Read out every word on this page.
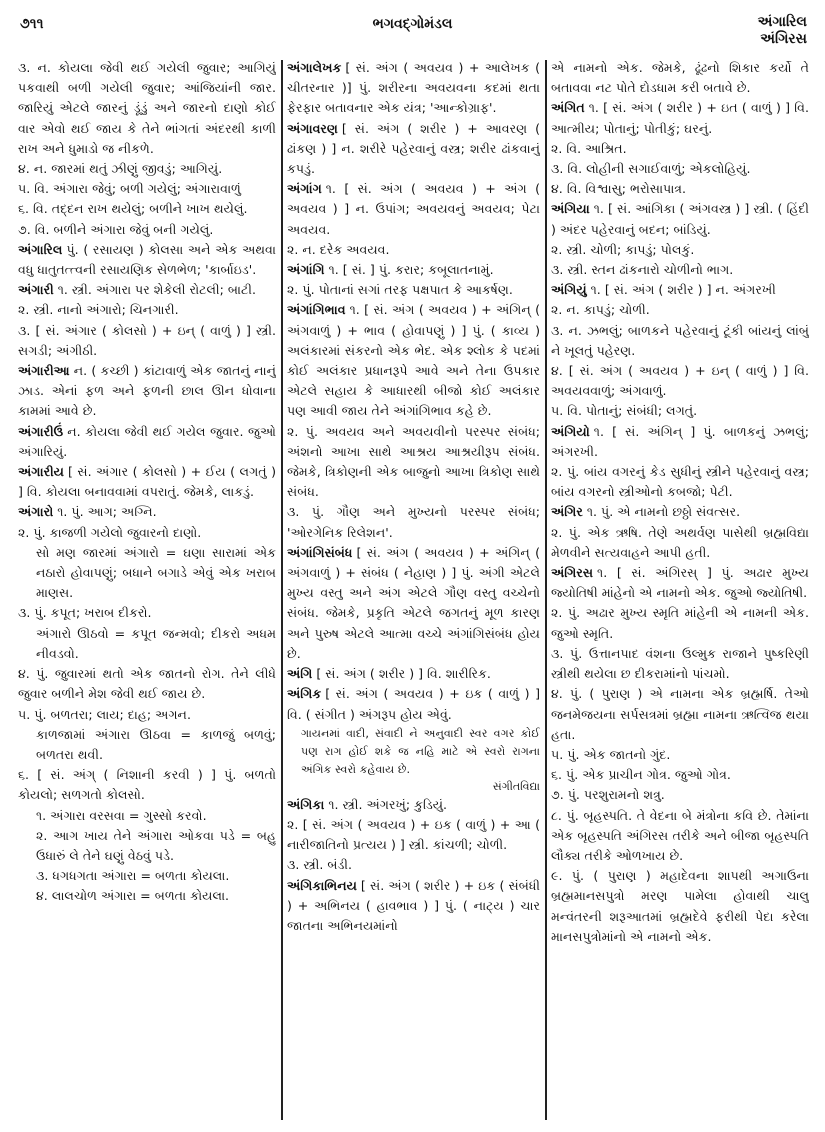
૭૧૧	ભગવદ્ગોમંડલ	અંગારિલ
અંગિરસ

૩. ન. કોયલા જેવી થઈ ગયેલી જુવાર; આગિયું પકવાથી બળી ગયેલી જુવાર; આંજિયાંની જાર. જારિયું એટલે જારનું ડૂંડું અને જારનો દાણો કોઈ વાર એવો થઈ જાય કે તેને ભાંગતાં અંદરથી કાળી રાખ અને ધુમાડો જ નીકળે.

૪. ન. જારમાં થતું ઝીણું જીવડું; આગિયું.

૫. વિ. અંગારા જેવું; બળી ગયેલું; અંગારાવાળું

૬. વિ. તદ્દન રાખ થયેલું; બળીને ખાખ થયેલું.

૭. વિ. બળીને અંગારા જેવું બની ગયેલું.

અંગારિલ પું. ( રસાયણ ) કોલસા અને એક અથવા વધુ ધાતુતત્ત્વની રસાયણિક સેળભેળ; 'કાર્બાઇડ'.

અંગારી ૧. સ્ત્રી. અંગારા પર શેકેલી રોટલી; બાટી.

૨. સ્ત્રી. નાનો અંગારો; ચિનગારી.

૩. [ સં. અંગાર ( કોલસો ) + ઇન્ ( વાળું ) ] સ્ત્રી. સગડી; અંગીઠી.

અંગારીઆ ન. ( કચ્છી ) કાંટાવાળું એક જાતનું નાનું ઝાડ. એનાં ફળ અને ફળની છાલ ઊન ધોવાના કામમાં આવે છે.

અંગારીઉં ન. કોયલા જેવી થઈ ગયેલ જુવાર. જુઓ અંગારિયું.

અંગારીય [ સં. અંગાર ( કોલસો ) + ઈય ( લગતું ) ] વિ. કોયલા બનાવવામાં વપરાતું. જેમકે, લાકડું.

અંગારો ૧. પું. આગ; અગ્નિ.

૨. પું. કાજળી ગયેલો જુવારનો દાણો.

સો મણ જારમાં અંગારો = ઘણા સારામાં એક નઠારો હોવાપણું; બધાને બગાડે એવું એક ખરાબ માણસ.

૩. પું. કપૂત; ખરાબ દીકરો.

અંગારો ઊઠવો = કપૂત જન્મવો; દીકરો અધમ નીવડવો.

૪. પું. જુવારમાં થતો એક જાતનો રોગ. તેને લીધે જુવાર બળીને મેશ જેવી થઈ જાય છે.

૫. પું. બળતરા; લાય; દાહ; અગન.

કાળજામાં અંગારા ઊઠવા = કાળજું બળવું; બળતરા થવી.

૬. [ સં. અંગ્ ( નિશાની કરવી ) ] પું. બળતો કોયલો; સળગતો કોલસો.

૧. અંગારા વરસવા = ગુસ્સો કરવો.

૨. આગ ખાય તેને અંગારા ઓકવા પડે = બહુ ઉધારું લે તેને ઘણું વેઠવું પડે.

૩. ધગધગતા અંગારા = બળતા કોયલા.

૪. લાલચોળ અંગારા = બળતા કોયલા.

અંગાલેખક [ સં. અંગ ( અવયવ ) + આલેખક ( ચીતરનાર )] પું. શરીરના અવયવના કદમાં થતા ફેરફાર બતાવનાર એક યંત્ર; 'આન્કોગ્રાફ'.

અંગાવરણ [ સં. અંગ ( શરીર ) + આવરણ ( ઢાંકણ ) ] ન. શરીરે પહેરવાનું વસ્ત્ર; શરીર ઢાંકવાનું કપડું.

અંગાંગ ૧. [ સં. અંગ ( અવયવ ) + અંગ ( અવયવ ) ] ન. ઉપાંગ; અવયવનું અવયવ; પેટા અવયવ.

૨. ન. દરેક અવયવ.

અંગાંગિ ૧. [ સં. ] પું. કરાર; કબૂલાતનામું.

૨. પું. પોતાનાં સગાં તરફ પક્ષપાત કે આકર્ષણ.

અંગાંગિભાવ ૧. [ સં. અંગ ( અવયવ ) + અંગિન્ ( અંગવાળું ) + ભાવ ( હોવાપણું ) ] પું. ( કાવ્ય ) અલંકારમાં સંકરનો એક ભેદ. એક શ્લોક કે પદમાં કોઈ અલંકાર પ્રધાનરૂપે આવે અને તેના ઉપકાર એટલે સહાય કે આધારથી બીજો કોઈ અલંકાર પણ આવી જાય તેને અંગાંગિભાવ કહે છે.

૨. પું. અવયવ અને અવયવીનો પરસ્પર સંબંધ; અંશનો આખા સાથે આશ્રય આશ્રયીરૂપ સંબંધ. જેમકે, ત્રિકોણની એક બાજુનો આખા ત્રિકોણ સાથે સંબંધ.

૩. પું. ગૌણ અને મુખ્યનો પરસ્પર સંબંધ; 'ઓરગેનિક રિલેશન'.

અંગાંગિસંબંધ [ સં. અંગ ( અવયવ ) + અંગિન્ ( અંગવાળું ) + સંબંધ ( નેહાણ ) ] પું. અંગી એટલે મુખ્ય વસ્તુ અને અંગ એટલે ગૌણ વસ્તુ વચ્ચેનો સંબંધ. જેમકે, પ્રકૃતિ એટલે જગતનું મૂળ કારણ અને પુરુષ એટલે આત્મા વચ્ચે અંગાંગિસંબંધ હોય છે.

અંગિ [ સં. અંગ ( શરીર ) ] વિ. શારીરિક.

અંગિક [ સં. અંગ ( અવયવ ) + ઇક ( વાળું ) ] વિ. ( સંગીત ) અંગરૂપ હોય એવું.

ગાયનમાં વાદી, સંવાદી ને અનુવાદી સ્વર વગર કોઈ પણ રાગ હોઈ શકે જ નહિ માટે એ સ્વરો રાગના અંગિક સ્વરો કહેવાય છે.

સંગીતવિદ્યા

અંગિકા ૧. સ્ત્રી. અંગરખું; કુડિયું.

૨. [ સં. અંગ ( અવયવ ) + ઇક ( વાળું ) + આ ( નારીજાતિનો પ્રત્યય ) ] સ્ત્રી. કાંચળી; ચોળી.

૩. સ્ત્રી. બંડી.

અંગિકાભિનય [ સં. અંગ ( શરીર ) + ઇક ( સંબંધી ) + અભિનય ( હાવભાવ ) ] પું. ( નાટ્ય ) ચાર જાતના અભિનયમાંનો

એ નામનો એક. જેમકે, ઢૂંઢનો શિકાર કર્યો તે બતાવવા નટ પોતે દોડધામ કરી બતાવે છે.

અંગિત ૧. [ સં. અંગ ( શરીર ) + ઇત ( વાળું ) ] વિ. આત્મીય; પોતાનું; પોતીકું; ઘરનું.

૨. વિ. આશ્રિત.

૩. વિ. લોહીની સગાઈવાળું; એકલોહિયું.

૪. વિ. વિશ્વાસુ; ભરોસાપાત્ર.

અંગિયા ૧. [ સં. આંગિકા ( અંગવસ્ત્ર ) ] સ્ત્રી. ( હિંદી ) અંદર પહેરવાનું બદન; બાંડિયું.

૨. સ્ત્રી. ચોળી; કાપડું; પોલકું.

૩. સ્ત્રી. સ્તન ઢાંકનારો ચોળીનો ભાગ.

અંગિયું ૧. [ સં. અંગ ( શરીર ) ] ન. અંગરખી

૨. ન. કાપડું; ચોળી.

૩. ન. ઝભલું; બાળકને પહેરવાનું ટૂંકી બાંયનું લાંબું ને ખૂલતું પહેરણ.

૪. [ સં. અંગ ( અવયવ ) + ઇન્ ( વાળું ) ] વિ. અવયવવાળું; અંગવાળું.

૫. વિ. પોતાનું; સંબંધી; લગતું.

અંગિયો ૧. [ સં. અંગિન્ ] પું. બાળકનું ઝભલું; અંગરખી.

૨. પું. બાંય વગરનું કેડ સુધીનું સ્ત્રીને પહેરવાનું વસ્ત્ર; બાંય વગરનો સ્ત્રીઓનો કબજો; પેટી.

અંગિર ૧. પું. એ નામનો છઠ્ઠો સંવત્સર.

૨. પું. એક ઋષિ. તેણે અથર્વણ પાસેથી બ્રહ્મવિદ્યા મેળવીને સત્યવાહને આપી હતી.

અંગિરસ ૧. [ સં. અંગિરસ્ ] પું. અઢાર મુખ્ય જ્યોતિષી માંહેનો એ નામનો એક. જુઓ જ્યોતિષી.

૨. પું. અઢાર મુખ્ય સ્મૃતિ માંહેની એ નામની એક. જુઓ સ્મૃતિ.

૩. પું. ઉત્તાનપાદ વંશના ઉલ્મુક રાજાને પુષ્કરિણી સ્ત્રીથી થયેલા છ દીકરામાંનો પાંચમો.

૪. પું. ( પુરાણ ) એ નામના એક બ્રહ્મર્ષિ. તેઓ જનમેજયના સર્પસત્રમાં બ્રહ્મા નામના ઋત્વિજ થયા હતા.

૫. પું. એક જાતનો ગુંદ.

૬. પું. એક પ્રાચીન ગોત્ર. જુઓ ગોત્ર.

૭. પું. પરશુરામનો શત્રુ.

૮. પું. બૃહસ્પતિ. તે વેદના બે મંત્રોના કવિ છે. તેમાંના એક બૃહસ્પતિ અંગિરસ તરીકે અને બીજા બૃહસ્પતિ લૌક્ય તરીકે ઓળખાય છે.

૯. પું. ( પુરાણ ) મહાદેવના શાપથી અગાઉના બ્રહ્મમાનસપુત્રો મરણ પામેલા હોવાથી ચાલુ મન્વંતરની શરૂઆતમાં બ્રહ્મદેવે ફરીથી પેદા કરેલા માનસપુત્રોમાંનો એ નામનો એક.
